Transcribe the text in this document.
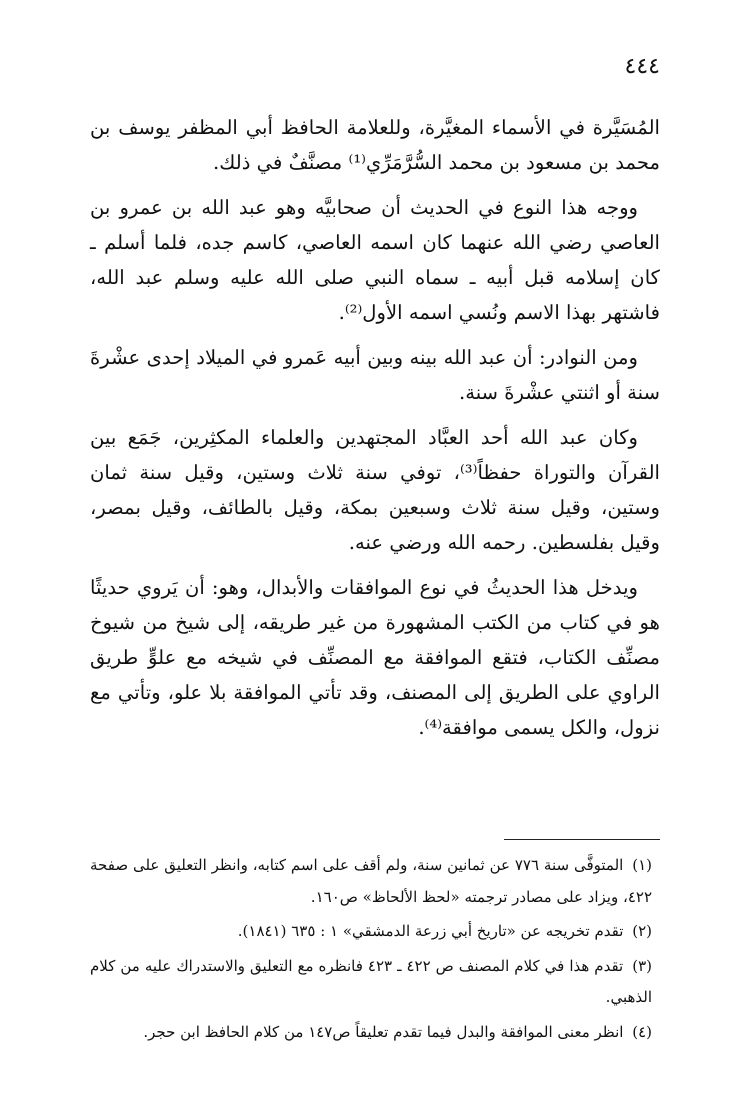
٤٤٤

المُسَيَّرة في الأسماء المغيَّرة، وللعلامة الحافظ أبي المظفر يوسف بن محمد بن مسعود بن محمد السُّرَّمَرِّي⁽¹⁾ مصنَّفٌ في ذلك.

ووجه هذا النوع في الحديث أن صحابيَّه وهو عبد الله بن عمرو بن العاصي رضي الله عنهما كان اسمه العاصي، كاسم جده، فلما أسلم ـ كان إسلامه قبل أبيه ـ سماه النبي صلى الله عليه وسلم عبد الله، فاشتهر بهذا الاسم ونُسي اسمه الأول⁽²⁾.

ومن النوادر: أن عبد الله بينه وبين أبيه عَمرو في الميلاد إحدى عشْرةَ سنة أو اثنتي عشْرةَ سنة.

وكان عبد الله أحد العبَّاد المجتهدين والعلماء المكثِرين، جَمَع بين القرآن والتوراة حفظاً⁽³⁾، توفي سنة ثلاث وستين، وقيل سنة ثمان وستين، وقيل سنة ثلاث وسبعين بمكة، وقيل بالطائف، وقيل بمصر، وقيل بفلسطين. رحمه الله ورضي عنه.

ويدخل هذا الحديثُ في نوع الموافقات والأبدال، وهو: أن يَروي حديثًا هو في كتاب من الكتب المشهورة من غير طريقه، إلى شيخ من شيوخ مصنِّف الكتاب، فتقع الموافقة مع المصنِّف في شيخه مع علوٍّ طريق الراوي على الطريق إلى المصنف، وقد تأتي الموافقة بلا علو، وتأتي مع نزول، والكل يسمى موافقة⁽⁴⁾.

(١) المتوفَّى سنة ٧٧٦ عن ثمانين سنة، ولم أقف على اسم كتابه، وانظر التعليق على صفحة ٤٢٢، ويزاد على مصادر ترجمته «لحظ الألحاظ» ص١٦٠.

(٢) تقدم تخريجه عن «تاريخ أبي زرعة الدمشقي» ١ : ٦٣٥ (١٨٤١).

(٣) تقدم هذا في كلام المصنف ص ٤٢٢ ـ ٤٢٣ فانظره مع التعليق والاستدراك عليه من كلام الذهبي.

(٤) انظر معنى الموافقة والبدل فيما تقدم تعليقاً ص١٤٧ من كلام الحافظ ابن حجر.
